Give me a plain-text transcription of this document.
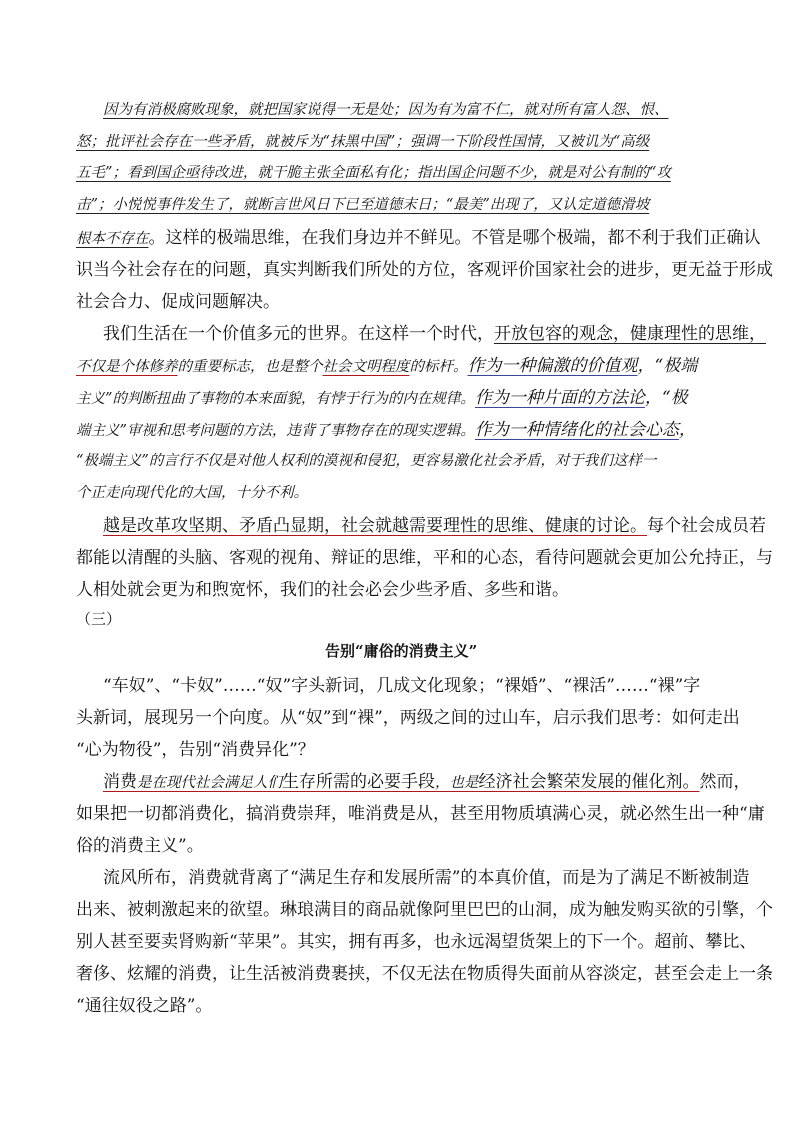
因为有消极腐败现象，就把国家说得一无是处；因为有为富不仁，就对所有富人怨、恨、
怒；批评社会存在一些矛盾，就被斥为“抹黑中国”；强调一下阶段性国情，又被讥为“高级
五毛”；看到国企亟待改进，就干脆主张全面私有化；指出国企问题不少，就是对公有制的“攻
击”；小悦悦事件发生了，就断言世风日下已至道德末日；“最美”出现了，又认定道德滑坡
根本不存在。这样的极端思维，在我们身边并不鲜见。不管是哪个极端，都不利于我们正确认
识当今社会存在的问题，真实判断我们所处的方位，客观评价国家社会的进步，更无益于形成
社会合力、促成问题解决。
我们生活在一个价值多元的世界。在这样一个时代，开放包容的观念，健康理性的思维，
不仅是个体修养的重要标志，也是整个社会文明程度的标杆。作为一种偏激的价值观，“极端
主义”的判断扭曲了事物的本来面貌，有悖于行为的内在规律。作为一种片面的方法论，“极
端主义”审视和思考问题的方法，违背了事物存在的现实逻辑。作为一种情绪化的社会心态，
“极端主义”的言行不仅是对他人权利的漠视和侵犯，更容易激化社会矛盾，对于我们这样一
个正走向现代化的大国，十分不利。
越是改革攻坚期、矛盾凸显期，社会就越需要理性的思维、健康的讨论。每个社会成员若
都能以清醒的头脑、客观的视角、辩证的思维，平和的心态，看待问题就会更加公允持正，与
人相处就会更为和煦宽怀，我们的社会必会少些矛盾、多些和谐。
（三）
告别“庸俗的消费主义”
“车奴”、“卡奴”……“奴”字头新词，几成文化现象；“裸婚”、“裸活”……“裸”字
头新词，展现另一个向度。从“奴”到“裸”，两级之间的过山车，启示我们思考：如何走出
“心为物役”，告别“消费异化”？
消费是在现代社会满足人们生存所需的必要手段，也是经济社会繁荣发展的催化剂。然而，
如果把一切都消费化，搞消费崇拜，唯消费是从，甚至用物质填满心灵，就必然生出一种“庸
俗的消费主义”。
流风所布，消费就背离了“满足生存和发展所需”的本真价值，而是为了满足不断被制造
出来、被刺激起来的欲望。琳琅满目的商品就像阿里巴巴的山洞，成为触发购买欲的引擎，个
别人甚至要卖肾购新“苹果”。其实，拥有再多，也永远渴望货架上的下一个。超前、攀比、
奢侈、炫耀的消费，让生活被消费裹挟，不仅无法在物质得失面前从容淡定，甚至会走上一条
“通往奴役之路”。
